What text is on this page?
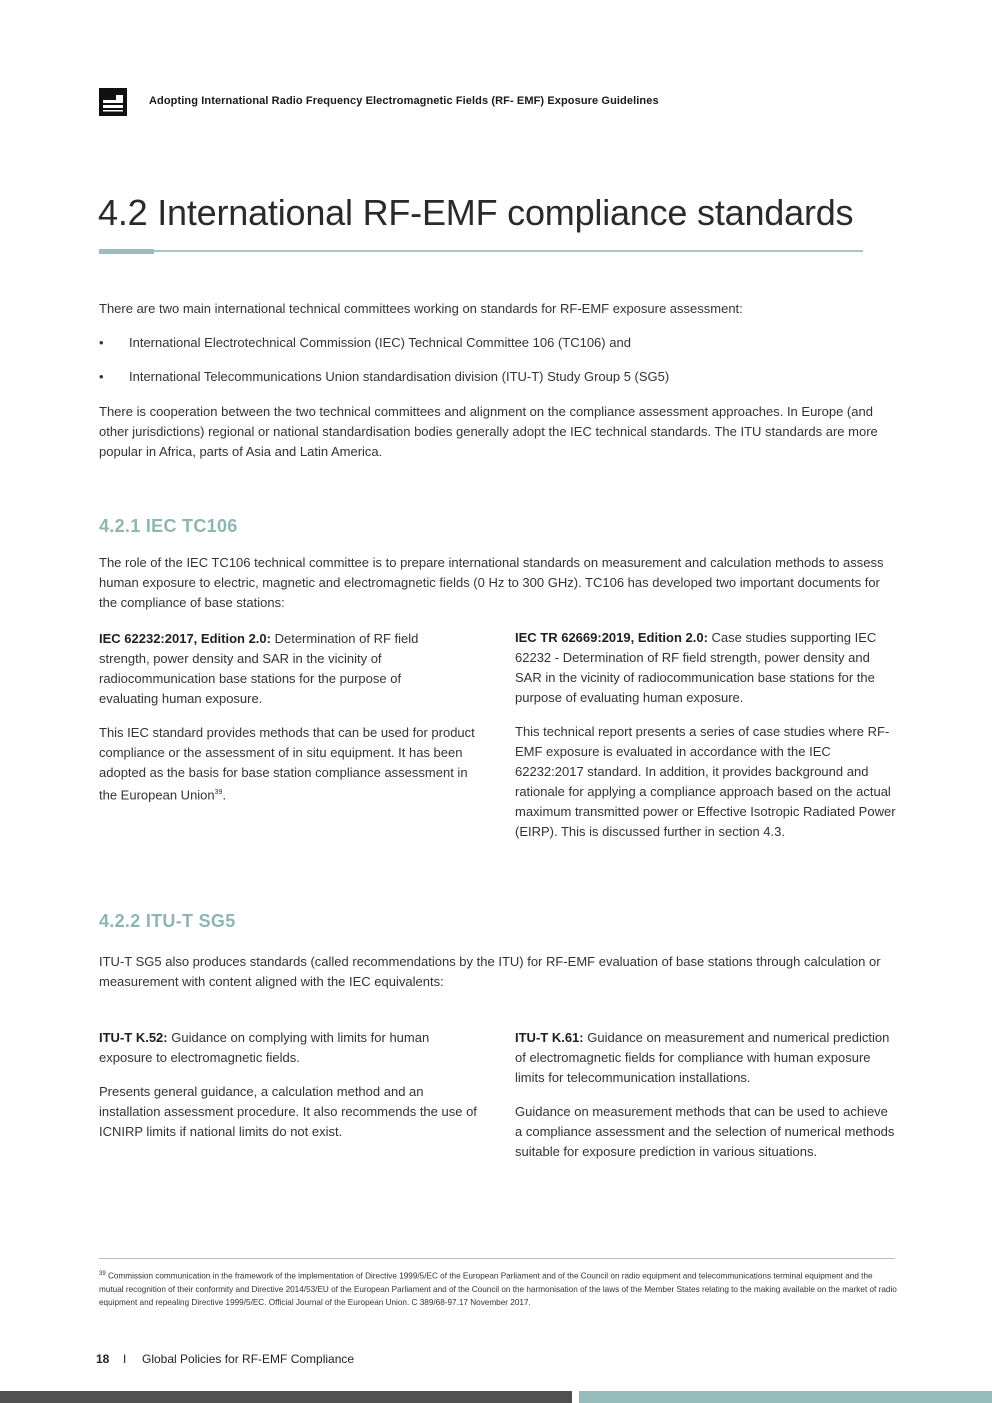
Adopting International Radio Frequency Electromagnetic Fields (RF- EMF) Exposure Guidelines
4.2 International RF-EMF compliance standards

There are two main international technical committees working on standards for RF-EMF exposure assessment:

• International Electrotechnical Commission (IEC) Technical Committee 106 (TC106) and
• International Telecommunications Union standardisation division (ITU-T) Study Group 5 (SG5)

There is cooperation between the two technical committees and alignment on the compliance assessment approaches. In Europe (and other jurisdictions) regional or national standardisation bodies generally adopt the IEC technical standards. The ITU standards are more popular in Africa, parts of Asia and Latin America.

4.2.1 IEC TC106

The role of the IEC TC106 technical committee is to prepare international standards on measurement and calculation methods to assess human exposure to electric, magnetic and electromagnetic fields (0 Hz to 300 GHz). TC106 has developed two important documents for the compliance of base stations:

IEC 62232:2017, Edition 2.0: Determination of RF field strength, power density and SAR in the vicinity of radiocommunication base stations for the purpose of evaluating human exposure.

This IEC standard provides methods that can be used for product compliance or the assessment of in situ equipment. It has been adopted as the basis for base station compliance assessment in the European Union$^{39}$.

IEC TR 62669:2019, Edition 2.0: Case studies supporting IEC 62232 - Determination of RF field strength, power density and SAR in the vicinity of radiocommunication base stations for the purpose of evaluating human exposure.

This technical report presents a series of case studies where RF-EMF exposure is evaluated in accordance with the IEC 62232:2017 standard. In addition, it provides background and rationale for applying a compliance approach based on the actual maximum transmitted power or Effective Isotropic Radiated Power (EIRP). This is discussed further in section 4.3.

4.2.2 ITU-T SG5

ITU-T SG5 also produces standards (called recommendations by the ITU) for RF-EMF evaluation of base stations through calculation or measurement with content aligned with the IEC equivalents:

ITU-T K.52: Guidance on complying with limits for human exposure to electromagnetic fields.

Presents general guidance, a calculation method and an installation assessment procedure. It also recommends the use of ICNIRP limits if national limits do not exist.

ITU-T K.61: Guidance on measurement and numerical prediction of electromagnetic fields for compliance with human exposure limits for telecommunication installations.

Guidance on measurement methods that can be used to achieve a compliance assessment and the selection of numerical methods suitable for exposure prediction in various situations.

$^{39}$ Commission communication in the framework of the implementation of Directive 1999/5/EC of the European Parliament and of the Council on radio equipment and telecommunications terminal equipment and the mutual recognition of their conformity and Directive 2014/53/EU of the European Parliament and of the Council on the harmonisation of the laws of the Member States relating to the making available on the market of radio equipment and repealing Directive 1999/5/EC. Official Journal of the European Union. C 389/68-97.17 November 2017.

18 I Global Policies for RF-EMF Compliance
